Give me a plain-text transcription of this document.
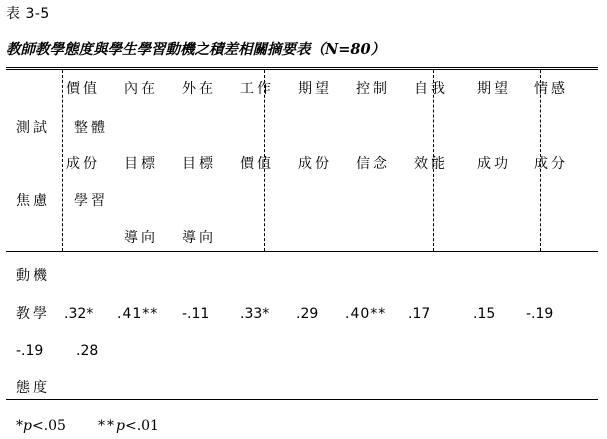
表 3-5
教師教學態度與學生學習動機之積差相關摘要表（N=80）
測試
焦慮
價值 內在 外在 工作 期望 控制 自我 期望 情感
整體
成份 目標 目標 價值 成份 信念 效能 成功 成分
學習
導向 導向
動機
教學 .32* .41** -.11 .33* .29 .40** .17	.15 -.19
-.19 .28
態度
*p<.05 **p<.01
